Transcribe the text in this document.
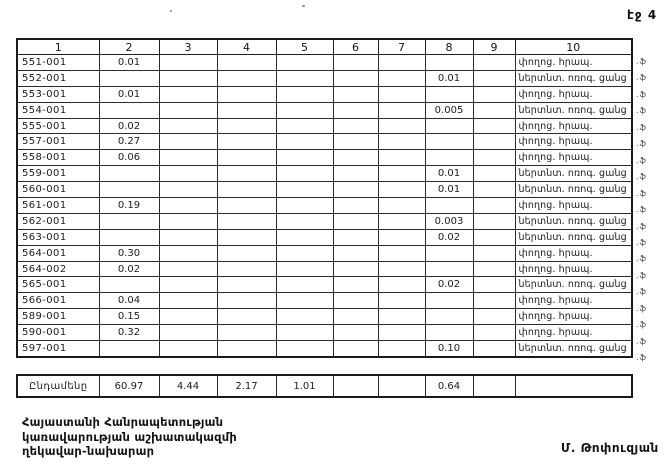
էջ 4
1	2	3	4	5	6	7	8	9	10
551-001	0.01								փողոց. հրապ.
552-001							0.01		ներտնտ. ոռոգ. ցանց
553-001	0.01								փողոց. հրապ.
554-001							0.005		ներտնտ. ոռոգ. ցանց
555-001	0.02								փողոց. հրապ.
557-001	0.27								փողոց. հրապ.
558-001	0.06								փողոց. հրապ.
559-001							0.01		ներտնտ. ոռոգ. ցանց
560-001							0.01		ներտնտ. ոռոգ. ցանց
561-001	0.19								փողոց. հրապ.
562-001							0.003		ներտնտ. ոռոգ. ցանց
563-001							0.02		ներտնտ. ոռոգ. ցանց
564-001	0.30								փողոց. հրապ.
564-002	0.02								փողոց. հրապ.
565-001							0.02		ներտնտ. ոռոգ. ցանց
566-001	0.04								փողոց. հրապ.
589-001	0.15								փողոց. հրապ.
590-001	0.32								փողոց. հրապ.
597-001							0.10		ներտնտ. ոռոգ. ցանց
Ընդամենը	60.97	4.44	2.17	1.01			0.64		
Հայաստանի Հանրապետության
կառավարության աշխատակազմի
ղեկավար-նախարար	Մ. Թոփուզյան
.ֆ
.ֆ
.ֆ
.ֆ
.ֆ
.ֆ
.ֆ
.ֆ
.ֆ
.ֆ
.ֆ
.ֆ
.ֆ
.ֆ
.ֆ
.ֆ
.ֆ
.ֆ
.ֆ
